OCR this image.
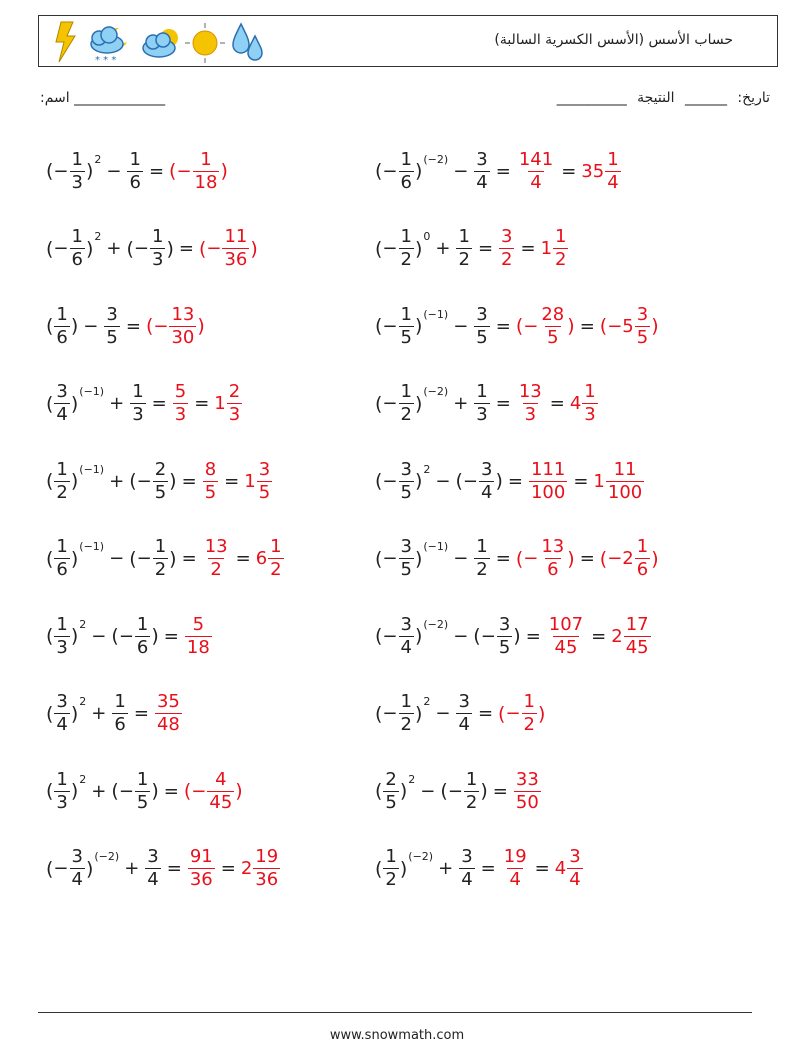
* * *
حساب الأسس (الأسس الكسرية السالبة)
_____________ اسم:	تاريخ: ______ النتيجة __________
( − $\frac{1}{3}$ )
2
− $\frac{1}{6}$ = ( − $\frac{1}{18}$ )
( − $\frac{1}{6}$ )
2
+ ( − $\frac{1}{3}$ ) = ( − $\frac{11}{36}$ )
( $\frac{1}{6}$ ) − $\frac{3}{5}$ = ( − $\frac{13}{30}$ )
( $\frac{3}{4}$ )
(−1)
+ $\frac{1}{3} = \frac{5}{3} = 1 \frac{2}{3}$
( $\frac{1}{2}$ )
(−1)
+ ( − $\frac{2}{5}$ ) = $\frac{8}{5} = 1 \frac{3}{5}$
( $\frac{1}{6}$ )
(−1)
− ( − $\frac{1}{2}$ ) = $\frac{13}{2} = 6 \frac{1}{2}$
( $\frac{1}{3}$ )
2
− ( − $\frac{1}{6}$ ) = $\frac{5}{18}$
( $\frac{3}{4}$ )
2
+ $\frac{1}{6} = \frac{35}{48}$
( $\frac{1}{3}$ )
2
+ ( − $\frac{1}{5}$ ) = ( − $\frac{4}{45}$ )
( − $\frac{3}{4}$ )
(−2)
+ $\frac{3}{4} = \frac{91}{36} = 2 \frac{19}{36}$
( − $\frac{1}{6}$ )
(−2)
− $\frac{3}{4} = \frac{141}{4} = 35 \frac{1}{4}$
( − $\frac{1}{2}$ )
0
+ $\frac{1}{2} = \frac{3}{2} = 1 \frac{1}{2}$
( − $\frac{1}{5}$ )
(−1)
− $\frac{3}{5}$ = ( − $\frac{28}{5}$ ) = ( − $5 \frac{3}{5}$ )
( − $\frac{1}{2}$ )
(−2)
+ $\frac{1}{3} = \frac{13}{3} = 4 \frac{1}{3}$
( − $\frac{3}{5}$ )
2
− ( − $\frac{3}{4}$ ) = $\frac{111}{100} = 1 \frac{11}{100}$
( − $\frac{3}{5}$ )
(−1)
− $\frac{1}{2}$ = ( − $\frac{13}{6}$ ) = ( − $2 \frac{1}{6}$ )
( − $\frac{3}{4}$ )
(−2)
− ( − $\frac{3}{5}$ ) = $\frac{107}{45} = 2 \frac{17}{45}$
( − $\frac{1}{2}$ )
2
− $\frac{3}{4}$ = ( − $\frac{1}{2}$ )
( $\frac{2}{5}$ )
2
− ( − $\frac{1}{2}$ ) = $\frac{33}{50}$
( $\frac{1}{2}$ )
(−2)
+ $\frac{3}{4} = \frac{19}{4} = 4 \frac{3}{4}$
www.snowmath.com
